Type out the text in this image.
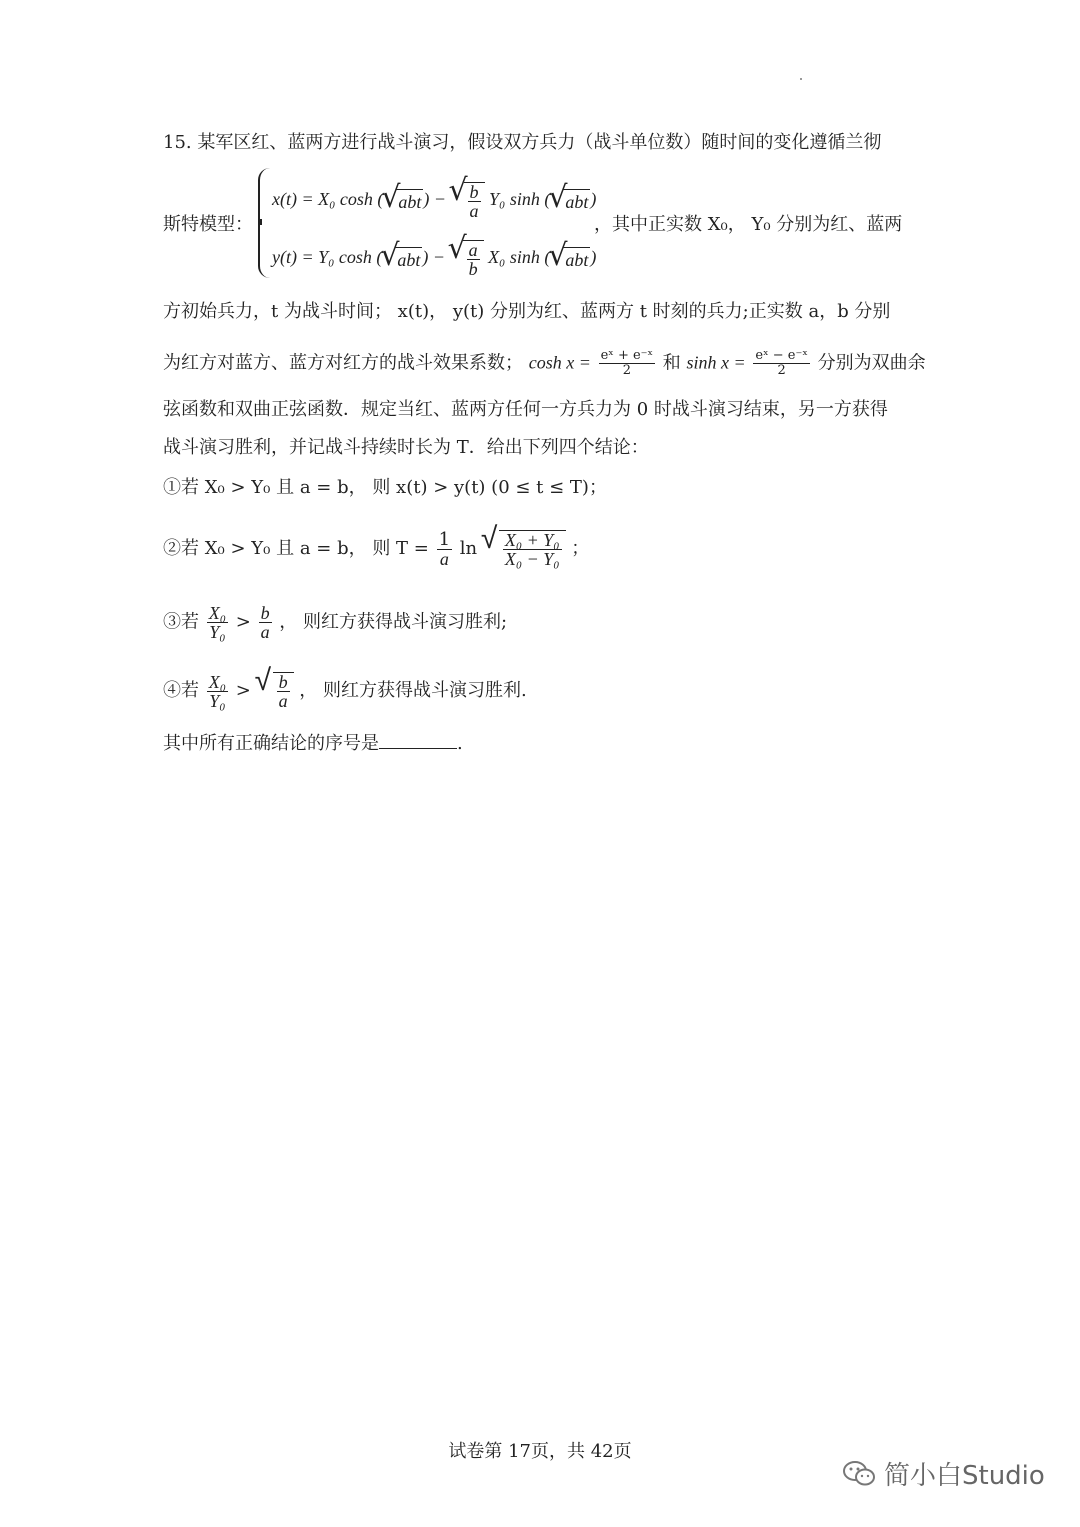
15. 某军区红、蓝两方进行战斗演习，假设双方兵力（战斗单位数）随时间的变化遵循兰彻
斯特模型：
x(t) = X₀ cosh ( √ abt ) − √ $\frac{b}{a} Y_0$ sinh ( √ abt )
y(t) = Y₀ cosh ( √ abt ) − √ $\frac{a}{b} X_0$ sinh ( √ abt )
，其中正实数 X₀， Y₀ 分别为红、蓝两
方初始兵力，t 为战斗时间； x(t)， y(t) 分别为红、蓝两方 t 时刻的兵力;正实数 a，b 分别
为红方对蓝方、蓝方对红方的战斗效果系数； $\cosh x = \frac{\text{eˣ + e⁻ˣ}}{2}$ 和 $\sinh x = \frac{\text{eˣ − e⁻ˣ}}{2}$ 分别为双曲余
弦函数和双曲正弦函数．规定当红、蓝两方任何一方兵力为 0 时战斗演习结束，另一方获得
战斗演习胜利，并记战斗持续时长为 T．给出下列四个结论：
①若 X₀ > Y₀ 且 a = b， 则 x(t) > y(t) (0 ≤ t ≤ T)；
②若 X₀ > Y₀ 且 a = b， 则 $T = \frac{1}{a}$ ln √ $\frac{\text{X₀ + Y₀}}{\text{X₀ − Y₀}}$ ；
③若 $\frac{\text{X₀}}{\text{Y₀}} > \frac{b}{a}$ ， 则红方获得战斗演习胜利;
④若 $\frac{\text{X₀}}{\text{Y₀}}$ > √ $\frac{b}{a}$ ， 则红方获得战斗演习胜利.
其中所有正确结论的序号是	.
试卷第 17页，共 42页
简小白Studio
